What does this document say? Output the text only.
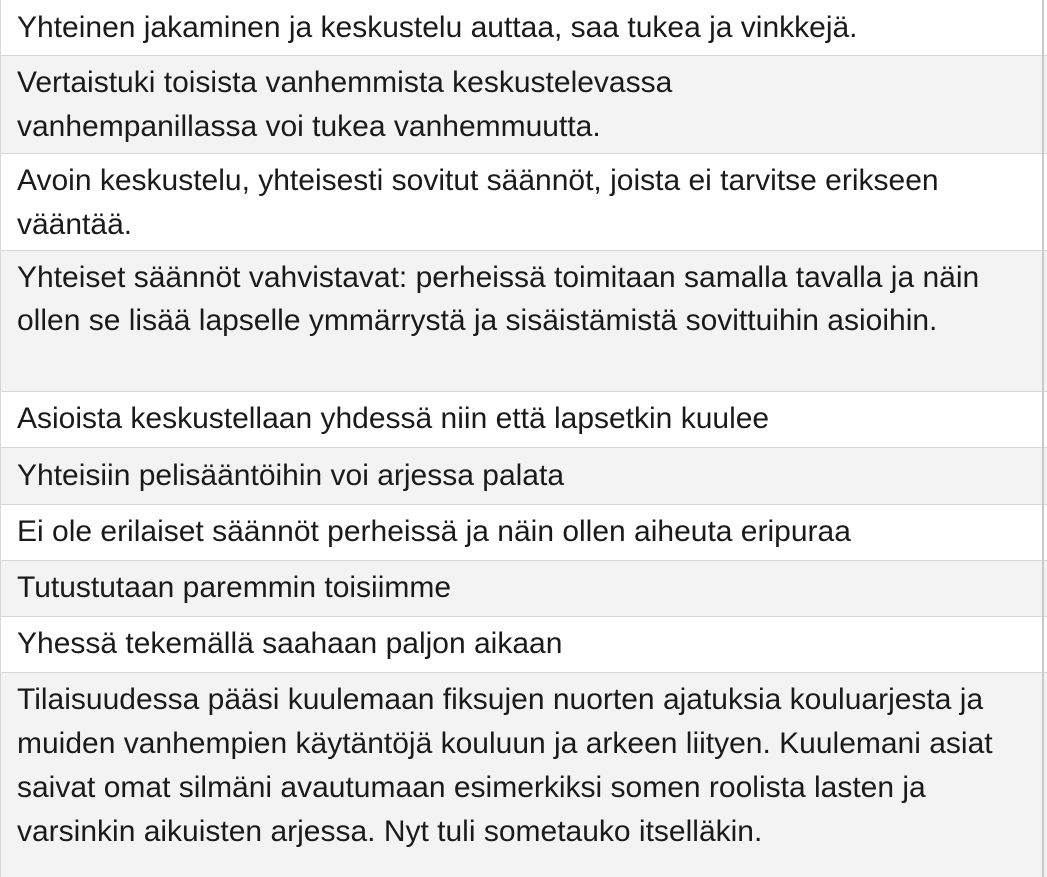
Yhteinen jakaminen ja keskustelu auttaa, saa tukea ja vinkkejä.
Vertaistuki toisista vanhemmista keskustelevassa vanhempanillassa voi tukea vanhemmuutta.
Avoin keskustelu, yhteisesti sovitut säännöt, joista ei tarvitse erikseen vääntää.
Yhteiset säännöt vahvistavat: perheissä toimitaan samalla tavalla ja näin ollen se lisää lapselle ymmärrystä ja sisäistämistä sovittuihin asioihin.
Asioista keskustellaan yhdessä niin että lapsetkin kuulee
Yhteisiin pelisääntöihin voi arjessa palata
Ei ole erilaiset säännöt perheissä ja näin ollen aiheuta eripuraa
Tutustutaan paremmin toisiimme
Yhessä tekemällä saahaan paljon aikaan
Tilaisuudessa pääsi kuulemaan fiksujen nuorten ajatuksia kouluarjesta ja muiden vanhempien käytäntöjä kouluun ja arkeen liityen. Kuulemani asiat saivat omat silmäni avautumaan esimerkiksi somen roolista lasten ja varsinkin aikuisten arjessa. Nyt tuli sometauko itselläkin.
